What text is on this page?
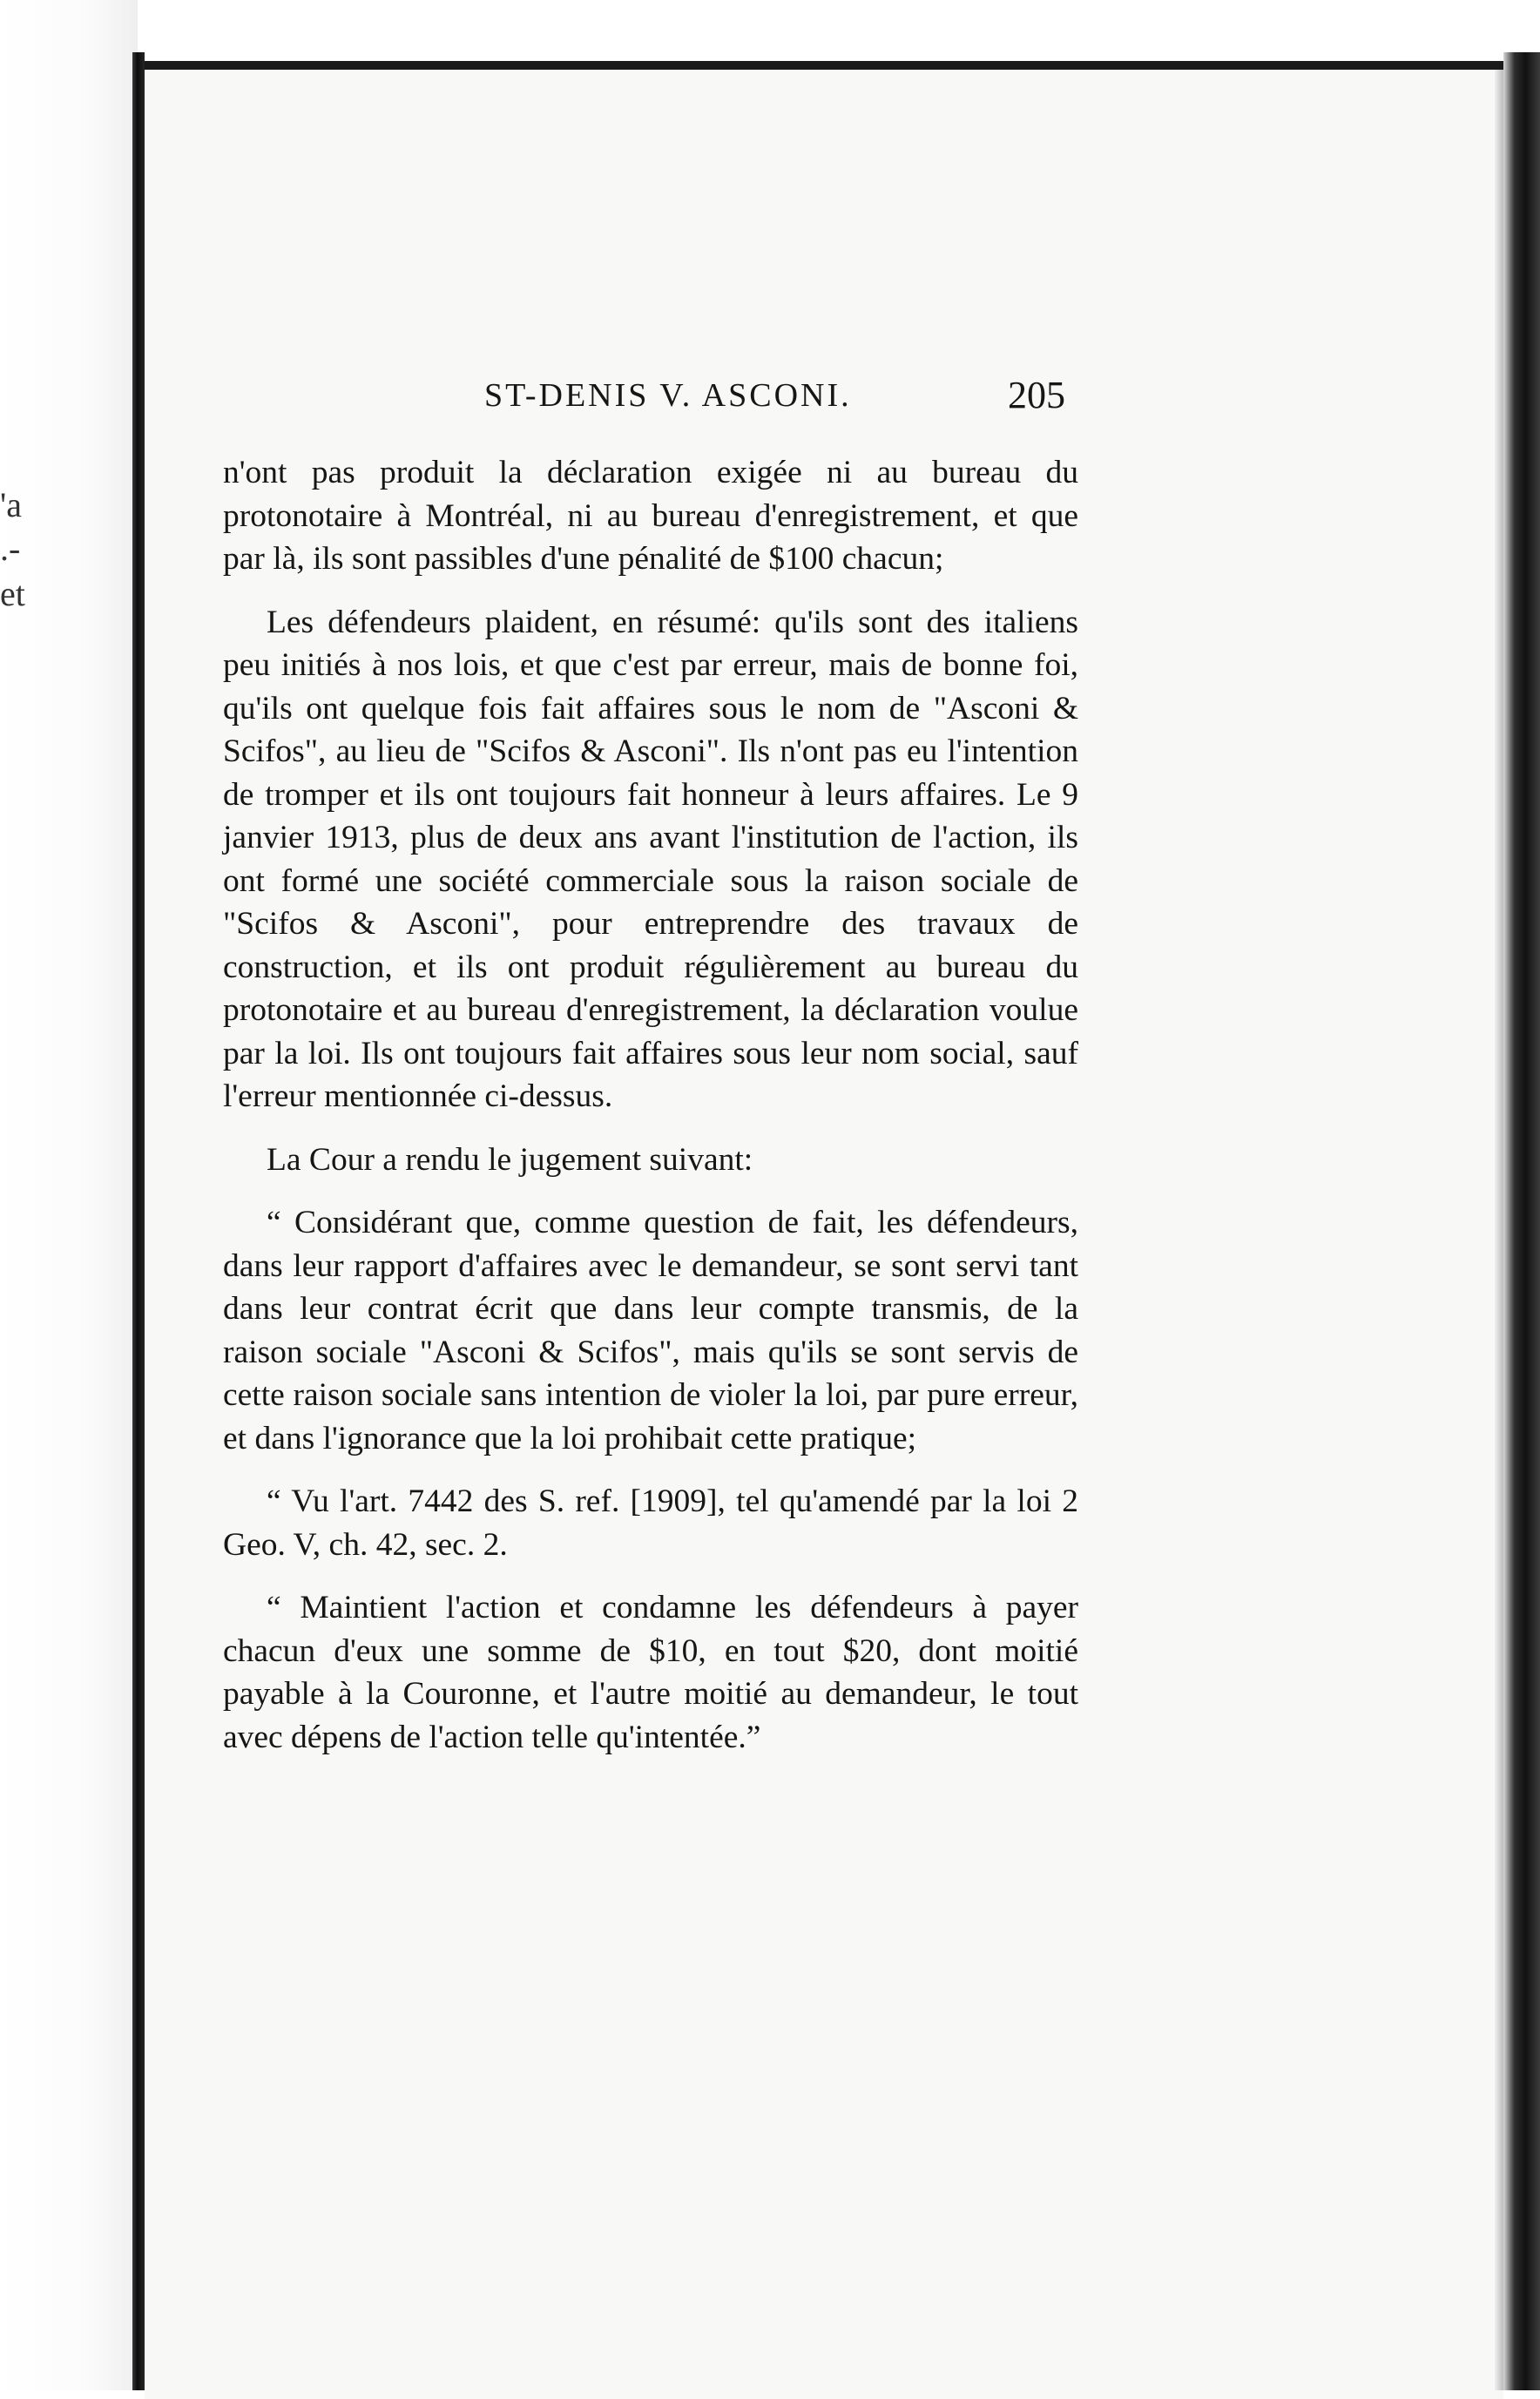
'a
.-
et
ST-DENIS V. ASCONI.	205

n'ont pas produit la déclaration exigée ni au bureau du protonotaire à Montréal, ni au bureau d'enregistrement, et que par là, ils sont passibles d'une pénalité de $100 chacun;

Les défendeurs plaident, en résumé: qu'ils sont des italiens peu initiés à nos lois, et que c'est par erreur, mais de bonne foi, qu'ils ont quelque fois fait affaires sous le nom de "Asconi & Scifos", au lieu de "Scifos & Asconi". Ils n'ont pas eu l'intention de tromper et ils ont toujours fait honneur à leurs affaires. Le 9 janvier 1913, plus de deux ans avant l'institution de l'action, ils ont formé une société commerciale sous la raison sociale de "Scifos & Asconi", pour entreprendre des travaux de construction, et ils ont produit régulièrement au bureau du protonotaire et au bureau d'enregistrement, la déclaration voulue par la loi. Ils ont toujours fait affaires sous leur nom social, sauf l'erreur mentionnée ci-dessus.

La Cour a rendu le jugement suivant:

“ Considérant que, comme question de fait, les défendeurs, dans leur rapport d'affaires avec le demandeur, se sont servi tant dans leur contrat écrit que dans leur compte transmis, de la raison sociale "Asconi & Scifos", mais qu'ils se sont servis de cette raison sociale sans intention de violer la loi, par pure erreur, et dans l'ignorance que la loi prohibait cette pratique;

“ Vu l'art. 7442 des S. ref. [1909], tel qu'amendé par la loi 2 Geo. V, ch. 42, sec. 2.

“ Maintient l'action et condamne les défendeurs à payer chacun d'eux une somme de $10, en tout $20, dont moitié payable à la Couronne, et l'autre moitié au demandeur, le tout avec dépens de l'action telle qu'intentée.”
